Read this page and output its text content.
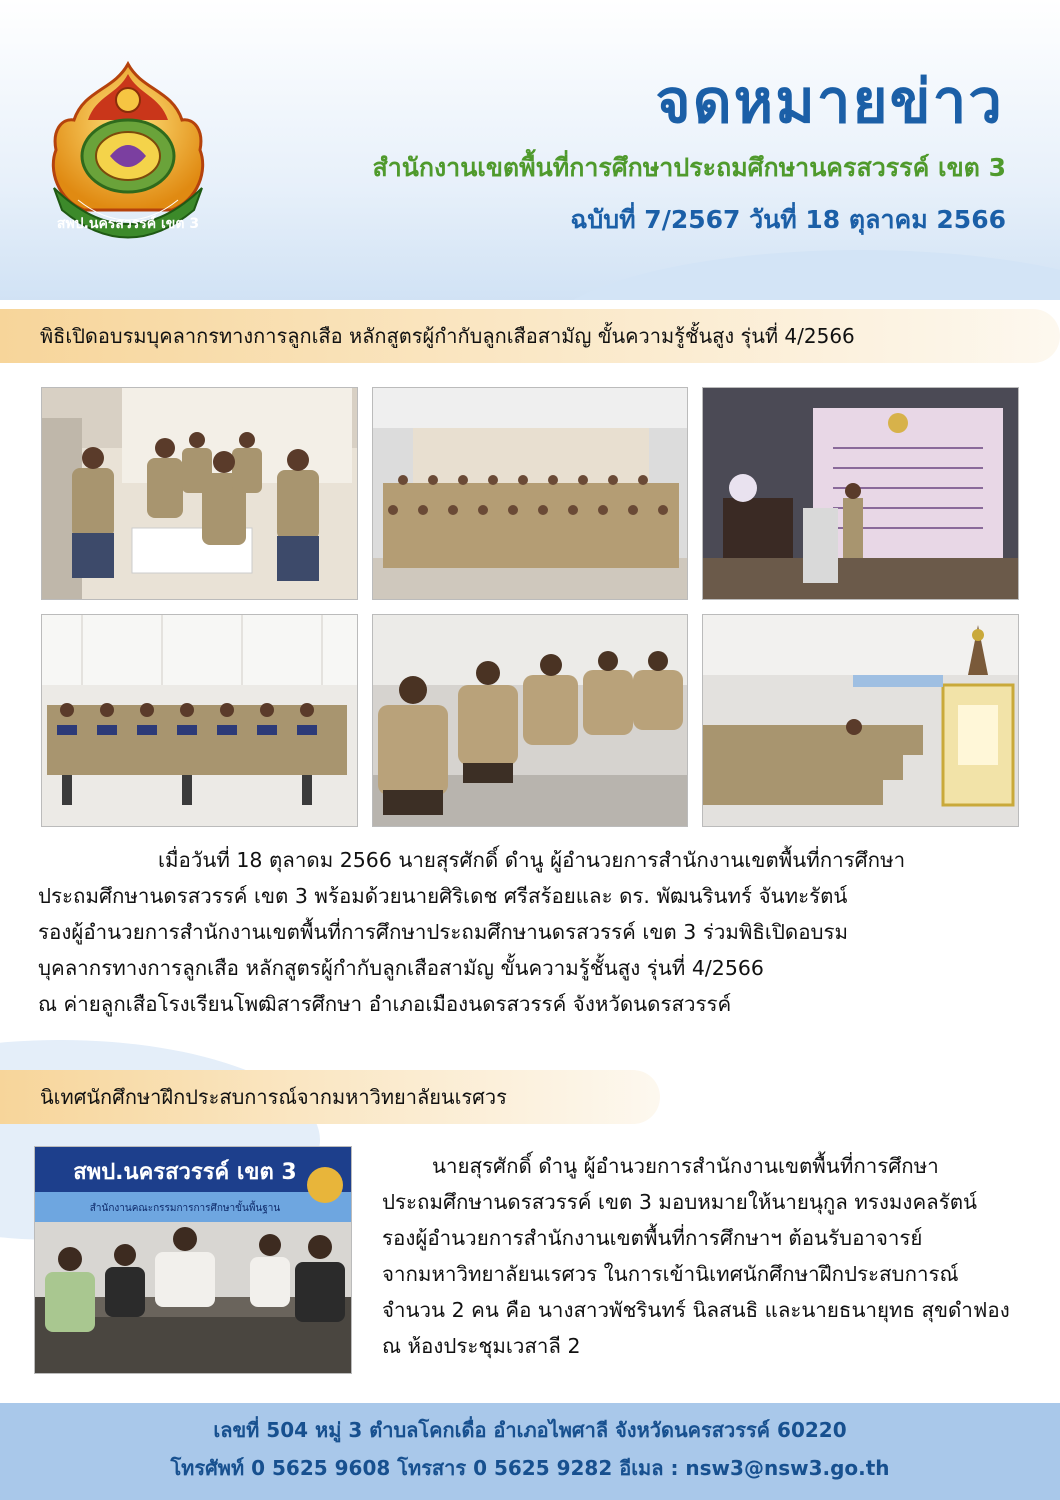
สพป.นครสวรรค์ เขต 3
จดหมายข่าว
สำนักงานเขตพื้นที่การศึกษาประถมศึกษานครสวรรค์ เขต 3
ฉบับที่ 7/2567 วันที่ 18 ตุลาคม 2566
พิธิเปิดอบรมบุคลากรทางการลูกเสือ หลักสูตรผู้กำกับลูกเสือสามัญ ขั้นความรู้ชั้นสูง รุ่นที่ 4/2566
เมื่อวันที่ 18 ตุลาดม 2566 นายสุรศักดิ์ ดำนู ผู้อำนวยการสำนักงานเขตพื้นที่การศึกษา
ประถมศึกษานดรสวรรค์ เขต 3 พร้อมด้วยนายศิริเดช ศรีสร้อยและ ดร. พัฒนรินทร์ จันทะรัตน์
รองผู้อำนวยการสำนักงานเขตพื้นที่การศึกษาประถมศึกษานดรสวรรค์ เขต 3 ร่วมพิธิเปิดอบรม
บุคลากรทางการลูกเสือ หลักสูตรผู้กำกับลูกเสือสามัญ ขั้นความรู้ชั้นสูง รุ่นที่ 4/2566
ณ ค่ายลูกเสือโรงเรียนโพฒิสารศึกษา อำเภอเมืองนดรสวรรค์ จังหวัดนดรสวรรค์
นิเทศนักศึกษาฝึกประสบการณ์จากมหาวิทยาลัยนเรศวร
สพป.นครสวรรค์ เขต 3
สำนักงานคณะกรรมการการศึกษาขั้นพื้นฐาน
นายสุรศักดิ์ ดำนู ผู้อำนวยการสำนักงานเขตพื้นที่การศึกษา
ประถมศึกษานดรสวรรค์ เขต 3 มอบหมายให้นายนุกูล ทรงมงคลรัตน์
รองผู้อำนวยการสำนักงานเขตพื้นที่การศึกษาฯ ต้อนรับอาจารย์
จากมหาวิทยาลัยนเรศวร ในการเข้านิเทศนักศึกษาฝึกประสบการณ์
จำนวน 2 คน คือ นางสาวพัชรินทร์ นิลสนธิ และนายธนายุทธ สุขดำฟอง
ณ ห้องประชุมเวสาลี 2
เลขที่ 504 หมู่ 3 ตำบลโคกเดื่อ อำเภอไพศาลี จังหวัดนครสวรรค์ 60220
โทรศัพท์ 0 5625 9608 โทรสาร 0 5625 9282 อีเมล : nsw3@nsw3.go.th
